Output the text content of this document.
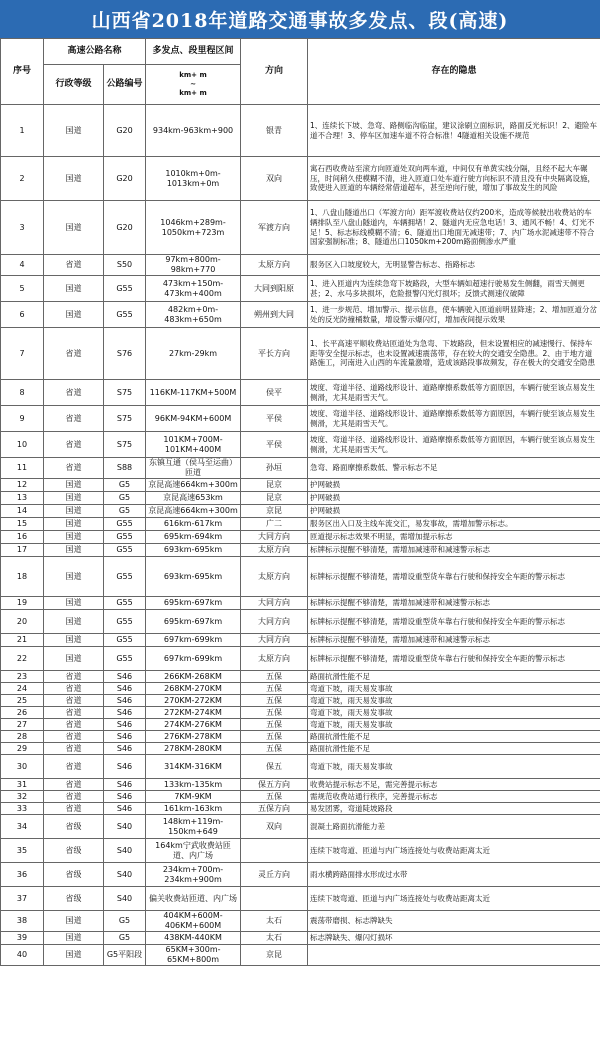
山西省2018年道路交通事故多发点、段(高速)
序号	高速公路名称		多发点、段里程区间	方向	存在的隐患
	行政等级	公路编号	km+ m
~
km+ m		

1	国道	G20	934km-963km+900	银青	1、连续长下坡、急弯、路侧临沟临崖，建议涂刷立面标识，路面反光标识！2、避险车道不合理！3、停车区加速车道不符合标准！4隧道相关设施不规范
2	国道	G20	1010km+0m-1013km+0m	双向	寓石西收费站至滚方向匝道处双向两车道，中间仅有单黄实线分隔，且经不起大车碾压，时间稍久使模糊不清，进入匝道口处车道行驶方向标识不清且没有中央隔离设施，致使进入匝道的车辆经常借道超车，甚至逆向行驶，增加了事故发生的风险
3	国道	G20	1046km+289m-1050km+723m	军渡方向	1、八盘山隧道出口（军渡方向）距军渡收费站仅约200米，造成等候驶出收费站的车辆排队至八盘山隧道内，车辆拥堵！2、隧道内无应急电话！3、通风不畅！4、灯光不足！5、标志标线模糊不清；6、隧道出口地面无减速带；7、内广场水泥减速带不符合国家强制标准；8、隧道出口1050km+200m路面侧渗水严重
4	省道	S50	97km+800m-98km+770	太原方向	服务区入口坡度较大，无明显警告标志、指路标志
5	国道	G55	473km+150m-473km+400m	大同到阳原	1、进入匝道内为连续急弯下坡路段，大型车辆如超速行驶易发生侧翻，雨雪天侧更甚；2、水马多块损坏，危险报警闪光灯损坏；反馈式测速仪破障
6	国道	G55	482km+0m-483km+650m	朔州到大同	1、进一步规范、增加警示、提示信息，使车辆驶入匝道前明显降速；2、增加匝道分岔处的反光防撞桶数量，增设警示爆闪灯，增加夜间提示效果
7	省道	S76	27km-29km	平长方向	1、长平高速平顺收费站匝道处为急弯、下坡路段，但未设置相应的减速慢行、保持车距等安全提示标志，也未设置减速震荡带，存在较大的交通安全隐患。2、由于地方道路施工，河南进入山西的车流量激增，造成该路段事故频发，存在极大的交通安全隐患
8	省道	S75	116KM-117KM+500M	侯平	坡度、弯道半径、道路线形设计、道路摩擦系数低等方面原因，车辆行驶至该点易发生侧滑，尤其是雨雪天气。
9	省道	S75	96KM-94KM+600M	平侯	坡度、弯道半径、道路线形设计、道路摩擦系数低等方面原因，车辆行驶至该点易发生侧滑，尤其是雨雪天气。
10	省道	S75	101KM+700M-101KM+400M	平侯	坡度、弯道半径、道路线形设计、道路摩擦系数低等方面原因，车辆行驶至该点易发生侧滑，尤其是雨雪天气。
11	省道	S88	东镇互通（侯马至运曲）匝道	孙垣	急弯、路面摩擦系数低、警示标志不足
12	国道	G5	京昆高速664km+300m	昆京	护网破损
13	国道	G5	京昆高速653km	昆京	护网破损
14	国道	G5	京昆高速664km+300m	京昆	护网破损
15	国道	G55	616km-617km	广二	服务区出入口及主线车流交汇，易发事故，需增加警示标志。
16	国道	G55	695km-694km	大同方向	匝道提示标志效果不明显，需增加提示标志
17	国道	G55	693km-695km	太原方向	标牌标示提醒不够清楚，需增加减速带和减速警示标志
18	国道	G55	693km-695km	太原方向	标牌标示提醒不够清楚，需增设重型货车靠右行驶和保持安全车距的警示标志
19	国道	G55	695km-697km	大同方向	标牌标示提醒不够清楚，需增加减速带和减速警示标志
20	国道	G55	695km-697km	大同方向	标牌标示提醒不够清楚，需增设重型货车靠右行驶和保持安全车距的警示标志
21	国道	G55	697km-699km	大同方向	标牌标示提醒不够清楚，需增加减速带和减速警示标志
22	国道	G55	697km-699km	太原方向	标牌标示提醒不够清楚，需增设重型货车靠右行驶和保持安全车距的警示标志
23	省道	S46	266KM-268KM	五保	路面抗滑性能不足
24	省道	S46	268KM-270KM	五保	弯道下坡，雨天易发事故
25	省道	S46	270KM-272KM	五保	弯道下坡，雨天易发事故
26	省道	S46	272KM-274KM	五保	弯道下坡，雨天易发事故
27	省道	S46	274KM-276KM	五保	弯道下坡，雨天易发事故
28	省道	S46	276KM-278KM	五保	路面抗滑性能不足
29	省道	S46	278KM-280KM	五保	路面抗滑性能不足
30	省道	S46	314KM-316KM	保五	弯道下坡，雨天易发事故
31	省道	S46	133km-135km	保五方向	收费站提示标志不足，需完善提示标志
32	省道	S46	7KM-9KM	五保	需规范收费站通行秩序，完善提示标志
33	省道	S46	161km-163km	五保方向	易发团雾，弯道陡坡路段
34	省级	S40	148km+119m-150km+649	双向	混凝土路面抗滑能力差
35	省级	S40	164km宁武收费站匝道、内广场		连续下坡弯道、匝道与内广场连接处与收费站距离太近
36	省级	S40	234km+700m-234km+900m	灵丘方向	雨水横跨路面排水形成过水带
37	省级	S40	偏关收费站匝道、内广场		连续下坡弯道、匝道与内广场连接处与收费站距离太近
38	国道	G5	404KM+600M-406KM+600M	太石	震荡带磨损、标志牌缺失
39	国道	G5	438KM-440KM	太石	标志牌缺失、爆闪灯损坏
40	国道	G5平阳段	65KM+300m-65KM+800m	京昆	
